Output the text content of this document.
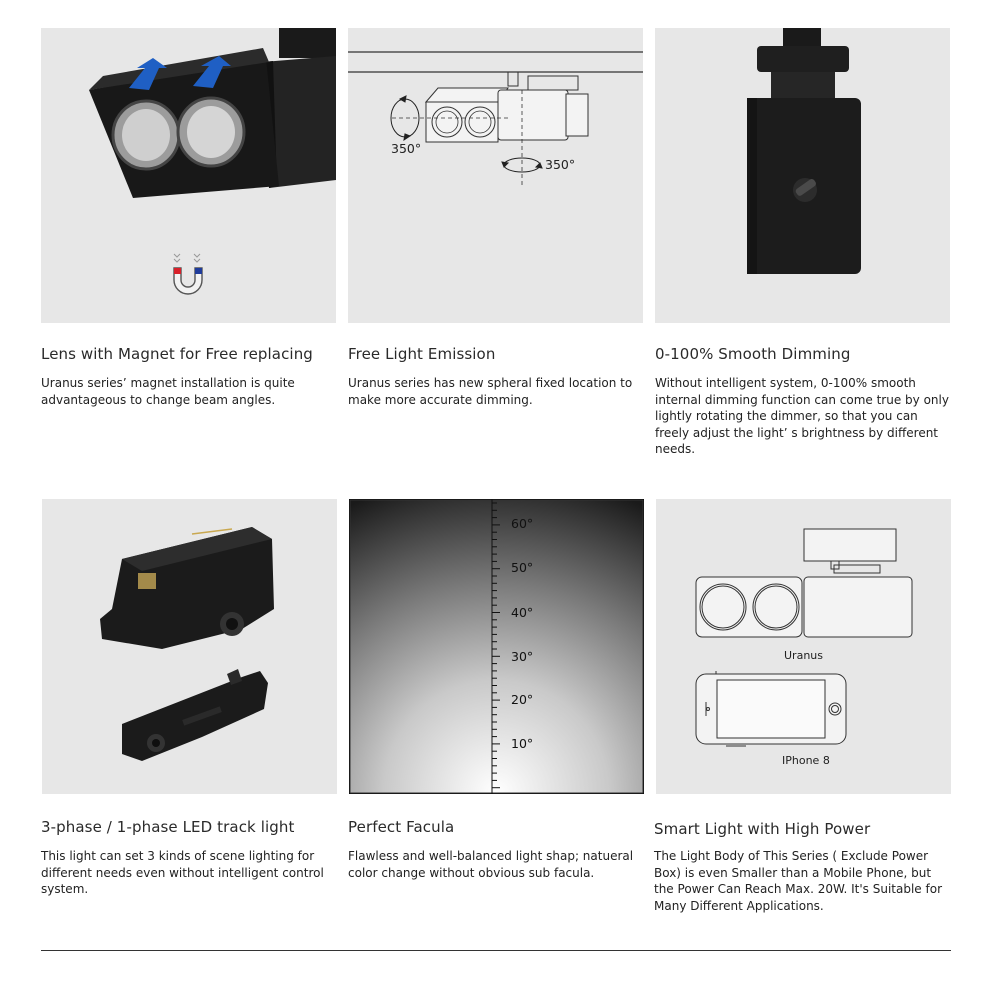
350°
350°
Lens with Magnet for Free replacing
Uranus series’ magnet installation is quite advantageous to change beam angles.
Free Light Emission
Uranus series has new spheral fixed location to make more accurate dimming.
0-100% Smooth Dimming
Without intelligent system, 0-100% smooth internal dimming function can come true by only lightly rotating the dimmer, so that you can freely adjust the light’ s brightness by different needs.
60°
50°
40°
30°
20°
10°
Uranus
IPhone 8
3-phase / 1-phase LED track light
This light can set 3 kinds of scene lighting for different needs even without intelligent control system.
Perfect Facula
Flawless and well-balanced light shap; natueral color change without obvious sub facula.
Smart Light with High Power
The Light Body of This Series ( Exclude Power Box) is even Smaller than a Mobile Phone, but the Power Can Reach Max. 20W. It's Suitable for Many Different Applications.
